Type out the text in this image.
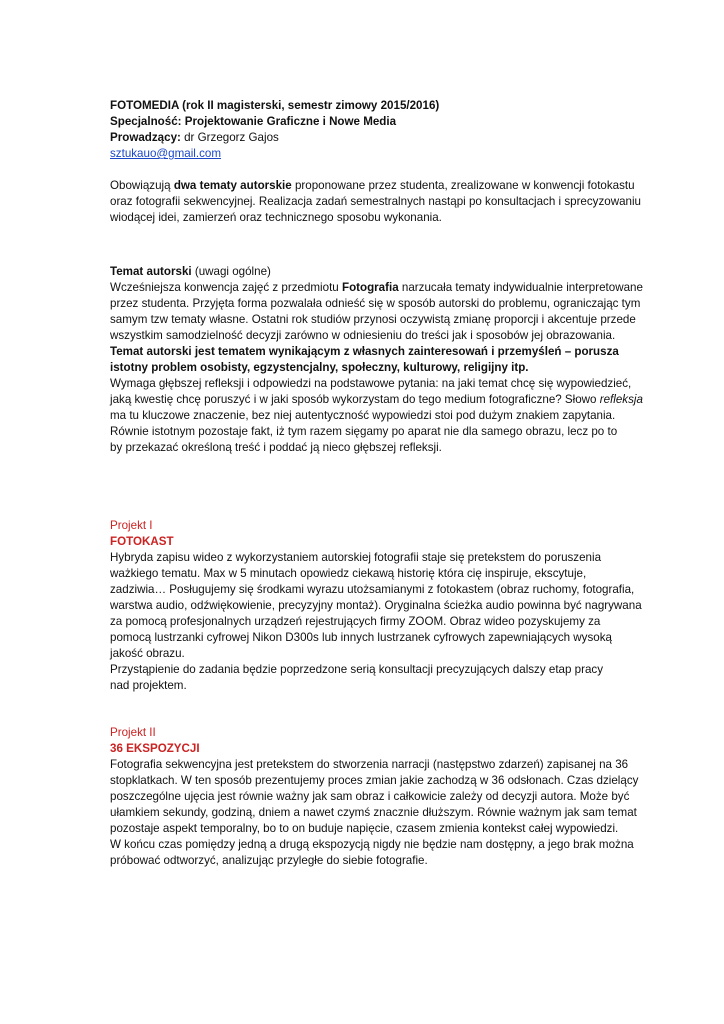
FOTOMEDIA (rok II magisterski, semestr zimowy 2015/2016)
Specjalność: Projektowanie Graficzne i Nowe Media
Prowadzący: dr Grzegorz Gajos
sztukauo@gmail.com
Obowiązują dwa tematy autorskie proponowane przez studenta, zrealizowane w konwencji fotokastu
oraz fotografii sekwencyjnej. Realizacja zadań semestralnych nastąpi po konsultacjach i sprecyzowaniu
wiodącej idei, zamierzeń oraz technicznego sposobu wykonania.
Temat autorski (uwagi ogólne)
Wcześniejsza konwencja zajęć z przedmiotu Fotografia narzucała tematy indywidualnie interpretowane
przez studenta. Przyjęta forma pozwalała odnieść się w sposób autorski do problemu, ograniczając tym
samym tzw tematy własne. Ostatni rok studiów przynosi oczywistą zmianę proporcji i akcentuje przede
wszystkim samodzielność decyzji zarówno w odniesieniu do treści jak i sposobów jej obrazowania.
Temat autorski jest tematem wynikającym z własnych zainteresowań i przemyśleń – porusza
istotny problem osobisty, egzystencjalny, społeczny, kulturowy, religijny itp.
Wymaga głębszej refleksji i odpowiedzi na podstawowe pytania: na jaki temat chcę się wypowiedzieć,
jaką kwestię chcę poruszyć i w jaki sposób wykorzystam do tego medium fotograficzne? Słowo refleksja
ma tu kluczowe znaczenie, bez niej autentyczność wypowiedzi stoi pod dużym znakiem zapytania.
Równie istotnym pozostaje fakt, iż tym razem sięgamy po aparat nie dla samego obrazu, lecz po to
by przekazać określoną treść i poddać ją nieco głębszej refleksji.
Projekt I
FOTOKAST
Hybryda zapisu wideo z wykorzystaniem autorskiej fotografii staje się pretekstem do poruszenia
ważkiego tematu. Max w 5 minutach opowiedz ciekawą historię która cię inspiruje, ekscytuje,
zadziwia… Posługujemy się środkami wyrazu utożsamianymi z fotokastem (obraz ruchomy, fotografia,
warstwa audio, odźwiękowienie, precyzyjny montaż). Oryginalna ścieżka audio powinna być nagrywana
za pomocą profesjonalnych urządzeń rejestrujących firmy ZOOM. Obraz wideo pozyskujemy za
pomocą lustrzanki cyfrowej Nikon D300s lub innych lustrzanek cyfrowych zapewniających wysoką
jakość obrazu.
Przystąpienie do zadania będzie poprzedzone serią konsultacji precyzujących dalszy etap pracy
nad projektem.
Projekt II
36 EKSPOZYCJI
Fotografia sekwencyjna jest pretekstem do stworzenia narracji (następstwo zdarzeń) zapisanej na 36
stopklatkach. W ten sposób prezentujemy proces zmian jakie zachodzą w 36 odsłonach. Czas dzielący
poszczególne ujęcia jest równie ważny jak sam obraz i całkowicie zależy od decyzji autora. Może być
ułamkiem sekundy, godziną, dniem a nawet czymś znacznie dłuższym. Równie ważnym jak sam temat
pozostaje aspekt temporalny, bo to on buduje napięcie, czasem zmienia kontekst całej wypowiedzi.
W końcu czas pomiędzy jedną a drugą ekspozycją nigdy nie będzie nam dostępny, a jego brak można
próbować odtworzyć, analizując przyległe do siebie fotografie.
